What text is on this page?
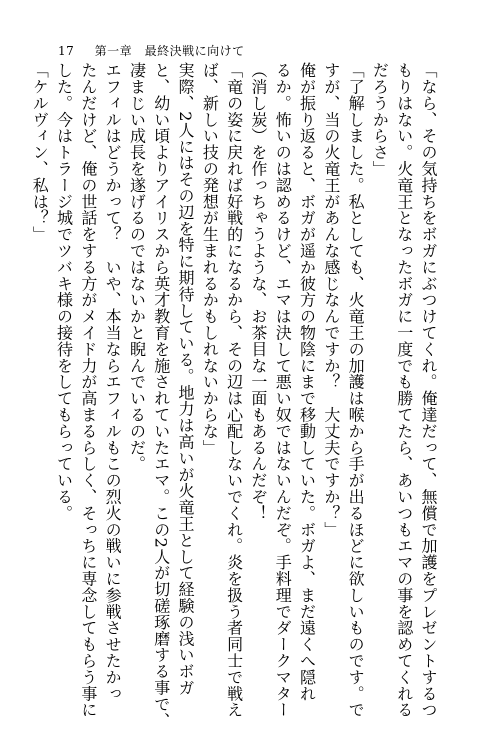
17 第一章　最終決戦に向けて
「なら、その気持ちをボガにぶつけてくれ。俺達だって、無償で加護をプレゼントするつ
もりはない。火竜王となったボガに一度でも勝てたら、あいつもエマの事を認めてくれる
だろうからさ」
「了解しました。私としても、火竜王の加護は喉から手が出るほどに欲しいものです。で
すが、当の火竜王があんな感じなんですか？　大丈夫ですか？」
俺が振り返ると、ボガが遥か彼方の物陰にまで移動していた。ボガよ、まだ遠くへ隠れ
るか。怖いのは認めるけど、エマは決して悪い奴ではないんだぞ。手料理でダークマター
（消し炭）を作っちゃうような、お茶目な一面もあるんだぞ！
「竜の姿に戻れば好戦的になるから、その辺は心配しないでくれ。炎を扱う者同士で戦え
ば、新しい技の発想が生まれるかもしれないからな」
実際、2人にはその辺を特に期待している。地力は高いが火竜王として経験の浅いボガ
と、幼い頃よりアイリスから英才教育を施されていたエマ。この2人が切磋琢磨する事で、
凄まじい成長を遂げるのではないかと睨んでいるのだ。
エフィルはどうかって？　いや、本当ならエフィルもこの烈火の戦いに参戦させたかっ
たんだけど、俺の世話をする方がメイド力が高まるらしく、そっちに専念してもらう事に
した。今はトラージ城でツバキ様の接待をしてもらっている。
「ケルヴィン、私は？」
